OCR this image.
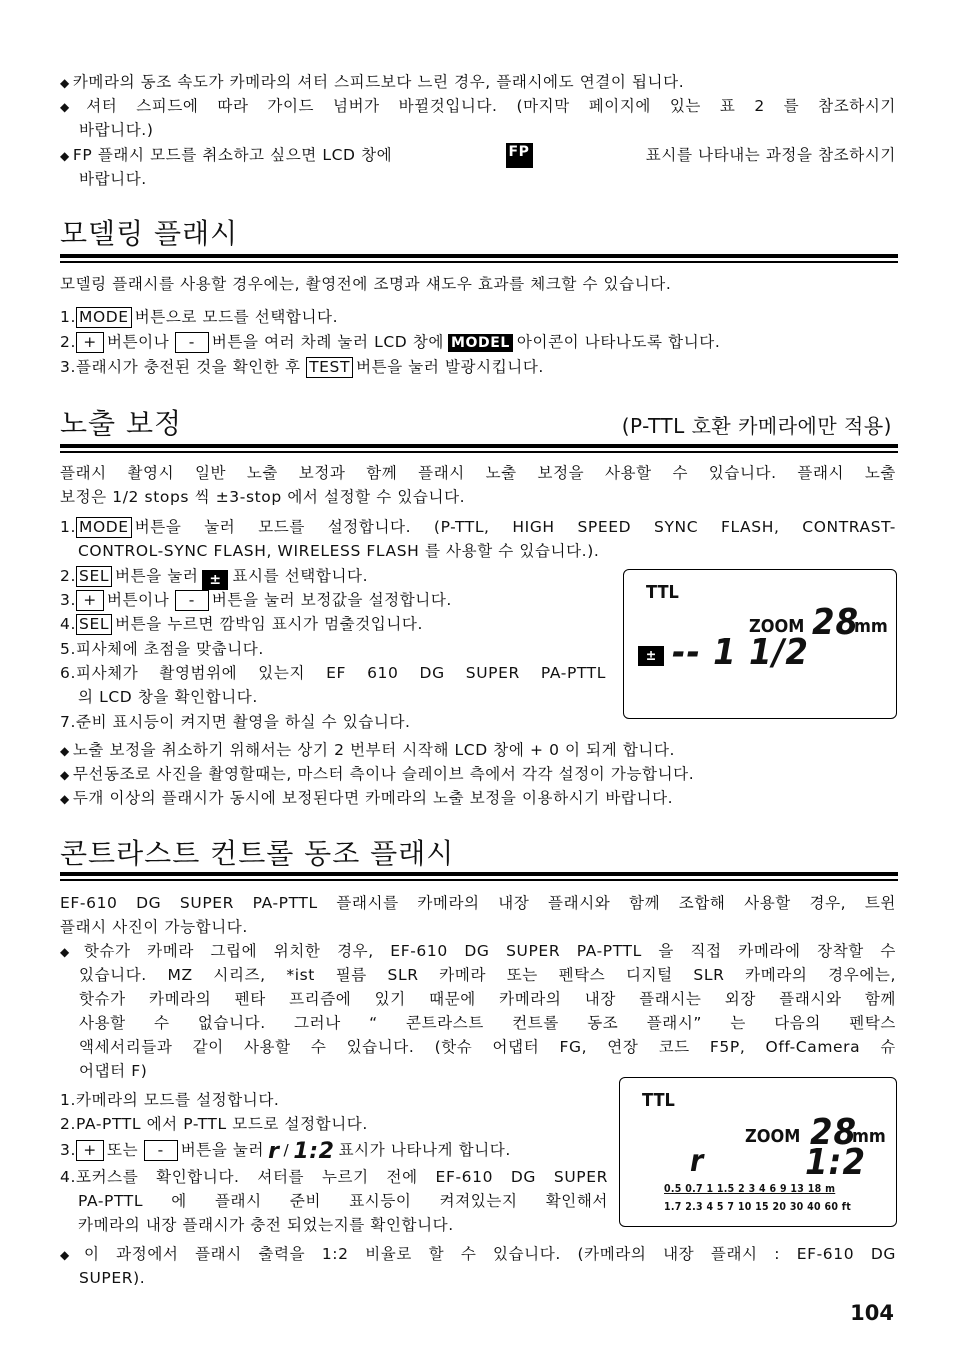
◆ 카메라의 동조 속도가 카메라의 셔터 스피드보다 느린 경우, 플래시에도 연결이 됩니다.
◆ 셔터 스피드에 따라 가이드 넘버가 바뀔것입니다. (마지막 페이지에 있는 표 2 를 참조하시기
바랍니다.)
◆ FP 플래시 모드를 취소하고 싶으면 LCD 창에	FP	표시를 나타내는 과정을 참조하시기
바랍니다.
모델링 플래시
모델링 플래시를 사용할 경우에는, 촬영전에 조명과 섀도우 효과를 체크할 수 있습니다.
1. MODE 버튼으로 모드를 선택합니다.
2. + 버튼이나 - 버튼을 여러 차례 눌러 LCD 창에 MODEL 아이콘이 나타나도록 합니다.
3.플래시가 충전된 것을 확인한 후 TEST 버튼을 눌러 발광시킵니다.
노출 보정	(P-TTL 호환 카메라에만 적용)
플래시 촬영시 일반 노출 보정과 함께 플래시 노출 보정을 사용할 수 있습니다. 플래시 노출
보정은 1/2 stops 씩 ±3-stop 에서 설정할 수 있습니다.
1. MODE 버튼을 눌러 모드를 설정합니다. (P-TTL, HIGH SPEED SYNC FLASH, CONTRAST-
CONTROL-SYNC FLASH, WIRELESS FLASH 를 사용할 수 있습니다.).
2. SEL 버튼을 눌러 ± 표시를 선택합니다.
3. + 버튼이나 - 버튼을 눌러 보정값을 설정합니다.
4. SEL 버튼을 누르면 깜박임 표시가 멈출것입니다.
5.피사체에 초점을 맞춥니다.
6.피사체가 촬영범위에 있는지 EF 610 DG SUPER PA-PTTL
의 LCD 창을 확인합니다.
7.준비 표시등이 켜지면 촬영을 하실 수 있습니다.
TTL
ZOOM 28
mm
± -- 1 1/2
◆ 노출 보정을 취소하기 위해서는 상기 2 번부터 시작해 LCD 창에 + 0 이 되게 합니다.
◆ 무선동조로 사진을 촬영할때는, 마스터 측이나 슬레이브 측에서 각각 설정이 가능합니다.
◆ 두개 이상의 플래시가 동시에 보정된다면 카메라의 노출 보정을 이용하시기 바랍니다.
콘트라스트 컨트롤 동조 플래시
EF-610 DG SUPER PA-PTTL 플래시를 카메라의 내장 플래시와 함께 조합해 사용할 경우, 트윈
플래시 사진이 가능합니다.
◆ 핫슈가 카메라 그립에 위치한 경우, EF-610 DG SUPER PA-PTTL 을 직접 카메라에 장착할 수
있습니다. MZ 시리즈, *ist 필름 SLR 카메라 또는 펜탁스 디지털 SLR 카메라의 경우에는,
핫슈가 카메라의 펜타 프리즘에 있기 때문에 카메라의 내장 플래시는 외장 플래시와 함께
사용할 수 없습니다. 그러나 “ 콘트라스트 컨트롤 동조 플래시” 는 다음의 펜탁스
액세서리들과 같이 사용할 수 있습니다. (핫슈 어댑터 FG, 연장 코드 F5P, Off-Camera 슈
어댑터 F)
1.카메라의 모드를 설정합니다.
2.PA-PTTL 에서 P-TTL 모드로 설정합니다.
3. + 또는 - 버튼을 눌러 r / 1:2 표시가 나타나게 합니다.
4.포커스를 확인합니다. 셔터를 누르기 전에 EF-610 DG SUPER
PA-PTTL 에 플래시 준비 표시등이 켜져있는지 확인해서
카메라의 내장 플래시가 충전 되었는지를 확인합니다.
TTL
ZOOM 28
mm
r	1:2
0.5 0.7 1 1.5 2 3 4 6 9 13 18 m
1.7 2.3 4 5 7 10 15 20 30 40 60 ft
◆ 이 과정에서 플래시 출력을 1:2 비율로 할 수 있습니다. (카메라의 내장 플래시 : EF-610 DG
SUPER).
104
